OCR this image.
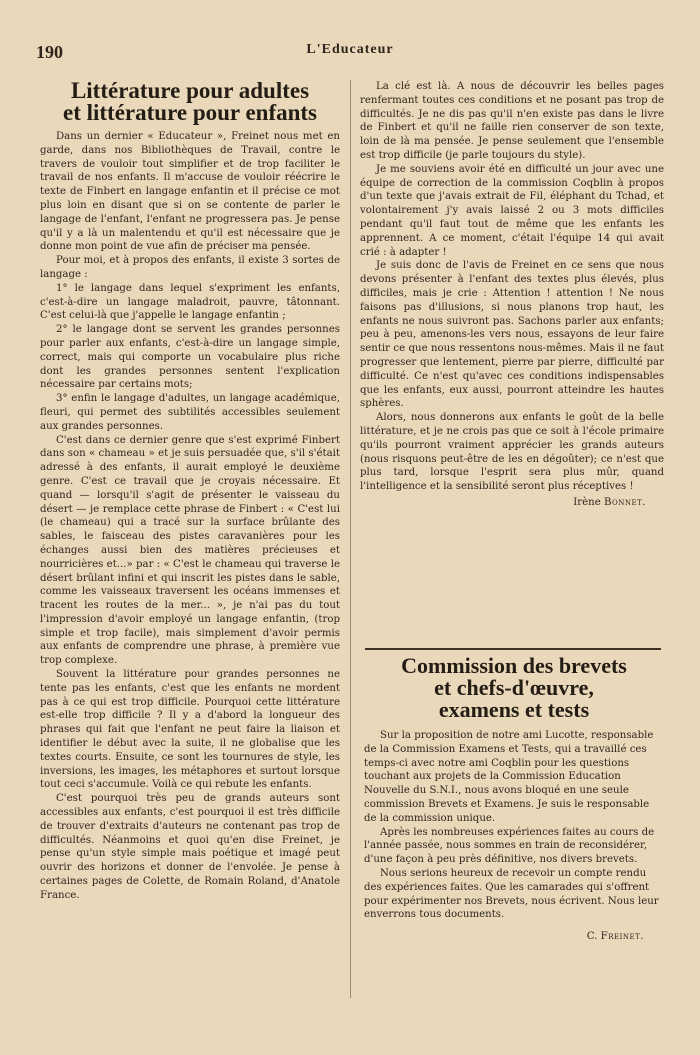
190	L'Educateur
Littérature pour adultes
et littérature pour enfants

Dans un dernier « Educateur », Freinet nous met en garde, dans nos Bibliothèques de Travail, contre le travers de vouloir tout simplifier et de trop faciliter le travail de nos enfants. Il m'accuse de vouloir réécrire le texte de Finbert en langage enfantin et il précise ce mot plus loin en disant que si on se contente de parler le langage de l'enfant, l'enfant ne progressera pas. Je pense qu'il y a là un malentendu et qu'il est nécessaire que je donne mon point de vue afin de préciser ma pensée.

Pour moi, et à propos des enfants, il existe 3 sortes de langage :

1° le langage dans lequel s'expriment les enfants, c'est-à-dire un langage maladroit, pauvre, tâtonnant. C'est celui-là que j'appelle le langage enfantin ;

2° le langage dont se servent les grandes personnes pour parler aux enfants, c'est-à-dire un langage simple, correct, mais qui comporte un vocabulaire plus riche dont les grandes personnes sentent l'explication nécessaire par certains mots;

3° enfin le langage d'adultes, un langage académique, fleuri, qui permet des subtilités accessibles seulement aux grandes personnes.

C'est dans ce dernier genre que s'est exprimé Finbert dans son « chameau » et je suis persuadée que, s'il s'était adressé à des enfants, il aurait employé le deuxième genre. C'est ce travail que je croyais nécessaire. Et quand — lorsqu'il s'agit de présenter le vaisseau du désert — je remplace cette phrase de Finbert : « C'est lui (le chameau) qui a tracé sur la surface brûlante des sables, le faisceau des pistes caravanières pour les échanges aussi bien des matières précieuses et nourricières et...» par : « C'est le chameau qui traverse le désert brûlant infini et qui inscrit les pistes dans le sable, comme les vaisseaux traversent les océans immenses et tracent les routes de la mer... », je n'ai pas du tout l'impression d'avoir employé un langage enfantin, (trop simple et trop facile), mais simplement d'avoir permis aux enfants de comprendre une phrase, à première vue trop complexe.

Souvent la littérature pour grandes personnes ne tente pas les enfants, c'est que les enfants ne mordent pas à ce qui est trop difficile. Pourquoi cette littérature est-elle trop difficile ? Il y a d'abord la longueur des phrases qui fait que l'enfant ne peut faire la liaison et identifier le début avec la suite, il ne globalise que les textes courts. Ensuite, ce sont les tournures de style, les inversions, les images, les métaphores et surtout lorsque tout ceci s'accumule. Voilà ce qui rebute les enfants.

C'est pourquoi très peu de grands auteurs sont accessibles aux enfants, c'est pourquoi il est très difficile de trouver d'extraits d'auteurs ne contenant pas trop de difficultés. Néanmoins et quoi qu'en dise Freinet, je pense qu'un style simple mais poétique et imagé peut ouvrir des horizons et donner de l'envolée. Je pense à certaines pages de Colette, de Romain Roland, d'Anatole France.

La clé est là. A nous de découvrir les belles pages renfermant toutes ces conditions et ne posant pas trop de difficultés. Je ne dis pas qu'il n'en existe pas dans le livre de Finbert et qu'il ne faille rien conserver de son texte, loin de là ma pensée. Je pense seulement que l'ensemble est trop difficile (je parle toujours du style).

Je me souviens avoir été en difficulté un jour avec une équipe de correction de la commission Coqblin à propos d'un texte que j'avais extrait de Fil, éléphant du Tchad, et volontairement j'y avais laissé 2 ou 3 mots difficiles pendant qu'il faut tout de même que les enfants les apprennent. A ce moment, c'était l'équipe 14 qui avait crié : à adapter !

Je suis donc de l'avis de Freinet en ce sens que nous devons présenter à l'enfant des textes plus élevés, plus difficiles, mais je crie : Attention ! attention ! Ne nous faisons pas d'illusions, si nous planons trop haut, les enfants ne nous suivront pas. Sachons parler aux enfants; peu à peu, amenons-les vers nous, essayons de leur faire sentir ce que nous ressentons nous-mêmes. Mais il ne faut progresser que lentement, pierre par pierre, difficulté par difficulté. Ce n'est qu'avec ces conditions indispensables que les enfants, eux aussi, pourront atteindre les hautes sphères.

Alors, nous donnerons aux enfants le goût de la belle littérature, et je ne crois pas que ce soit à l'école primaire qu'ils pourront vraiment apprécier les grands auteurs (nous risquons peut-être de les en dégoûter); ce n'est que plus tard, lorsque l'esprit sera plus mûr, quand l'intelligence et la sensibilité seront plus réceptives !

Irène Bonnet.
Commission des brevets
et chefs-d'œuvre,
examens et tests

Sur la proposition de notre ami Lucotte, responsable de la Commission Examens et Tests, qui a travaillé ces temps-ci avec notre ami Coqblin pour les questions touchant aux projets de la Commission Education Nouvelle du S.N.I., nous avons bloqué en une seule commission Brevets et Examens. Je suis le responsable de la commission unique.

Après les nombreuses expériences faites au cours de l'année passée, nous sommes en train de reconsidérer, d'une façon à peu près définitive, nos divers brevets.

Nous serions heureux de recevoir un compte rendu des expériences faites. Que les camarades qui s'offrent pour expérimenter nos Brevets, nous écrivent. Nous leur enverrons tous documents.

C. Freinet.
